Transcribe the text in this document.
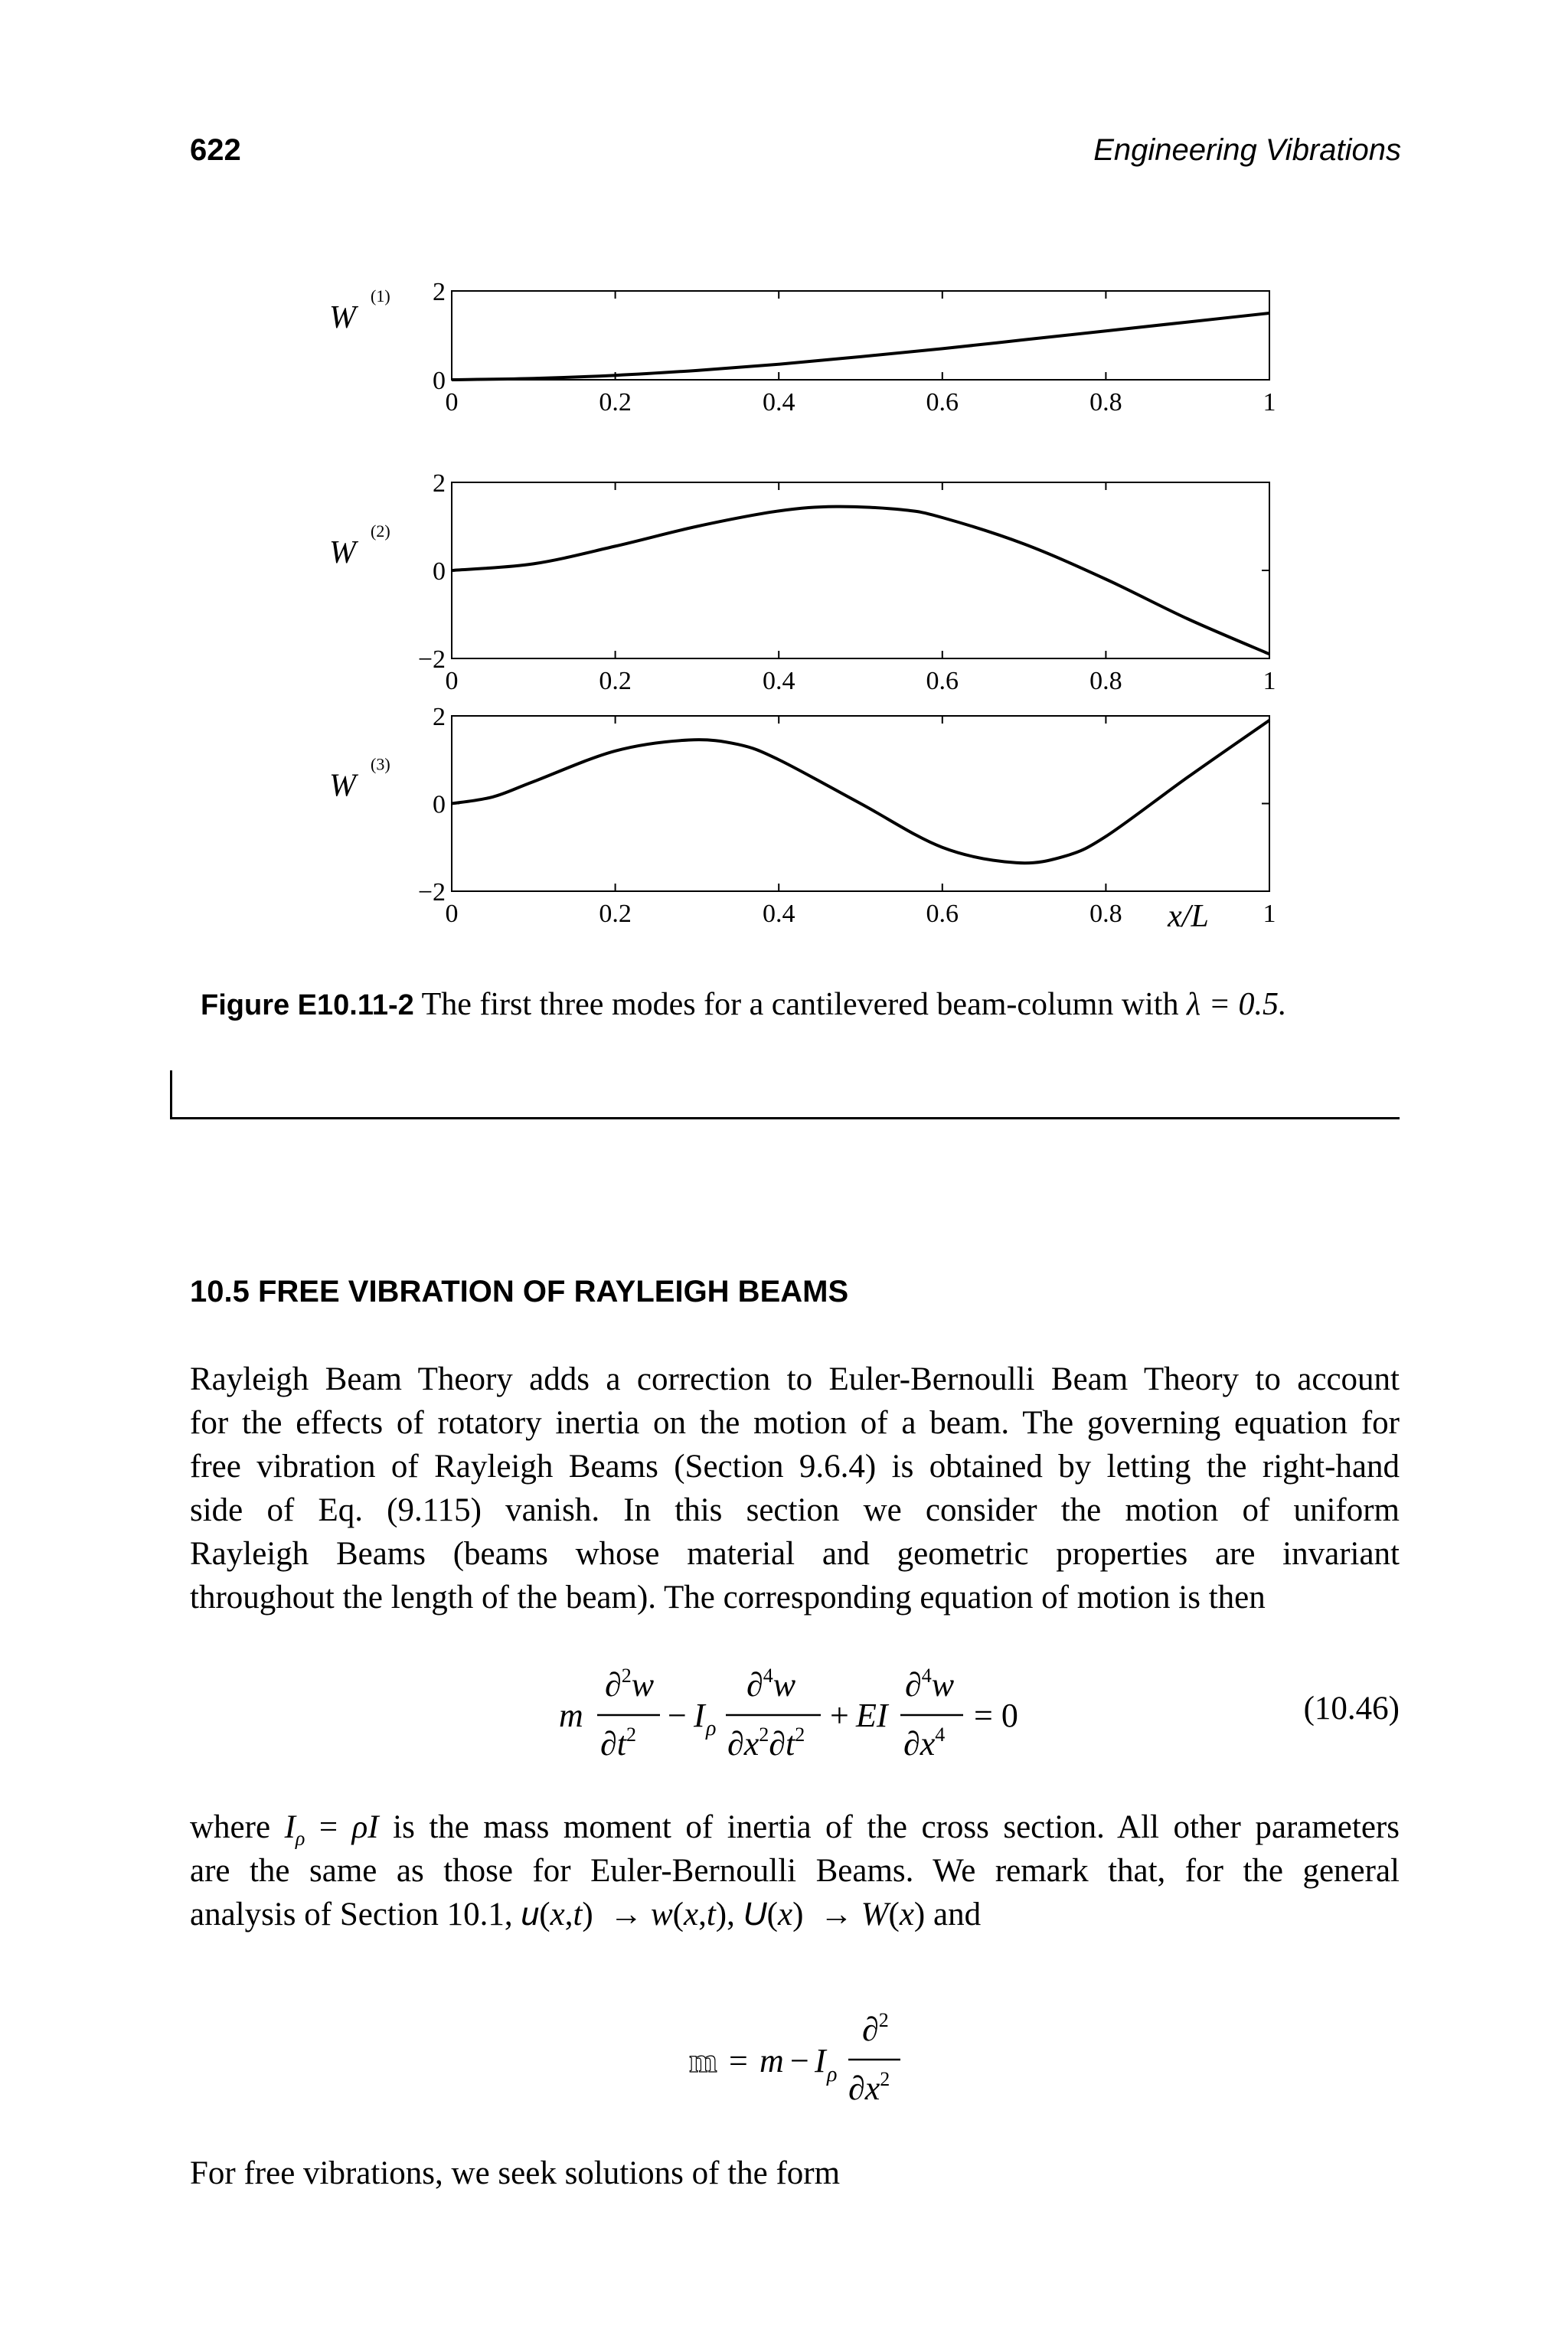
622	Engineering Vibrations
0	0.2	0.4	0.6	0.8	1
0
2
W
(1)
0	0.2	0.4	0.6	0.8	1
−2
0
2
W
(2)
0	0.2	0.4	0.6	0.8	1
−2
0
2
W
(3)
x/L
Figure E10.11-2 The first three modes for a cantilevered beam-column with λ = 0.5.
10.5 FREE VIBRATION OF RAYLEIGH BEAMS
Rayleigh Beam Theory adds a correction to Euler-Bernoulli Beam Theory to account
for the effects of rotatory inertia on the motion of a beam. The governing equation for
free vibration of Rayleigh Beams (Section 9.6.4) is obtained by letting the right-hand
side of Eq. (9.115) vanish. In this section we consider the motion of uniform
Rayleigh Beams (beams whose material and geometric properties are invariant
throughout the length of the beam). The corresponding equation of motion is then
m
∂$^2$w
$\partial t^2$
− I ρ
∂$^4$w
$\partial x^2\partial t^2$
+ EI
∂$^4$w
$\partial x^4$
= 0
m = m − I ρ
∂$^2$
$\partial x^2$
(10.46)
where $I_\rho = \rho I$ is the mass moment of inertia of the cross section. All other parameters
are the same as those for Euler-Bernoulli Beams. We remark that, for the general
analysis of Section 10.1, u(x,t)  → w(x,t), U(x)  → W(x) and
For free vibrations, we seek solutions of the form
